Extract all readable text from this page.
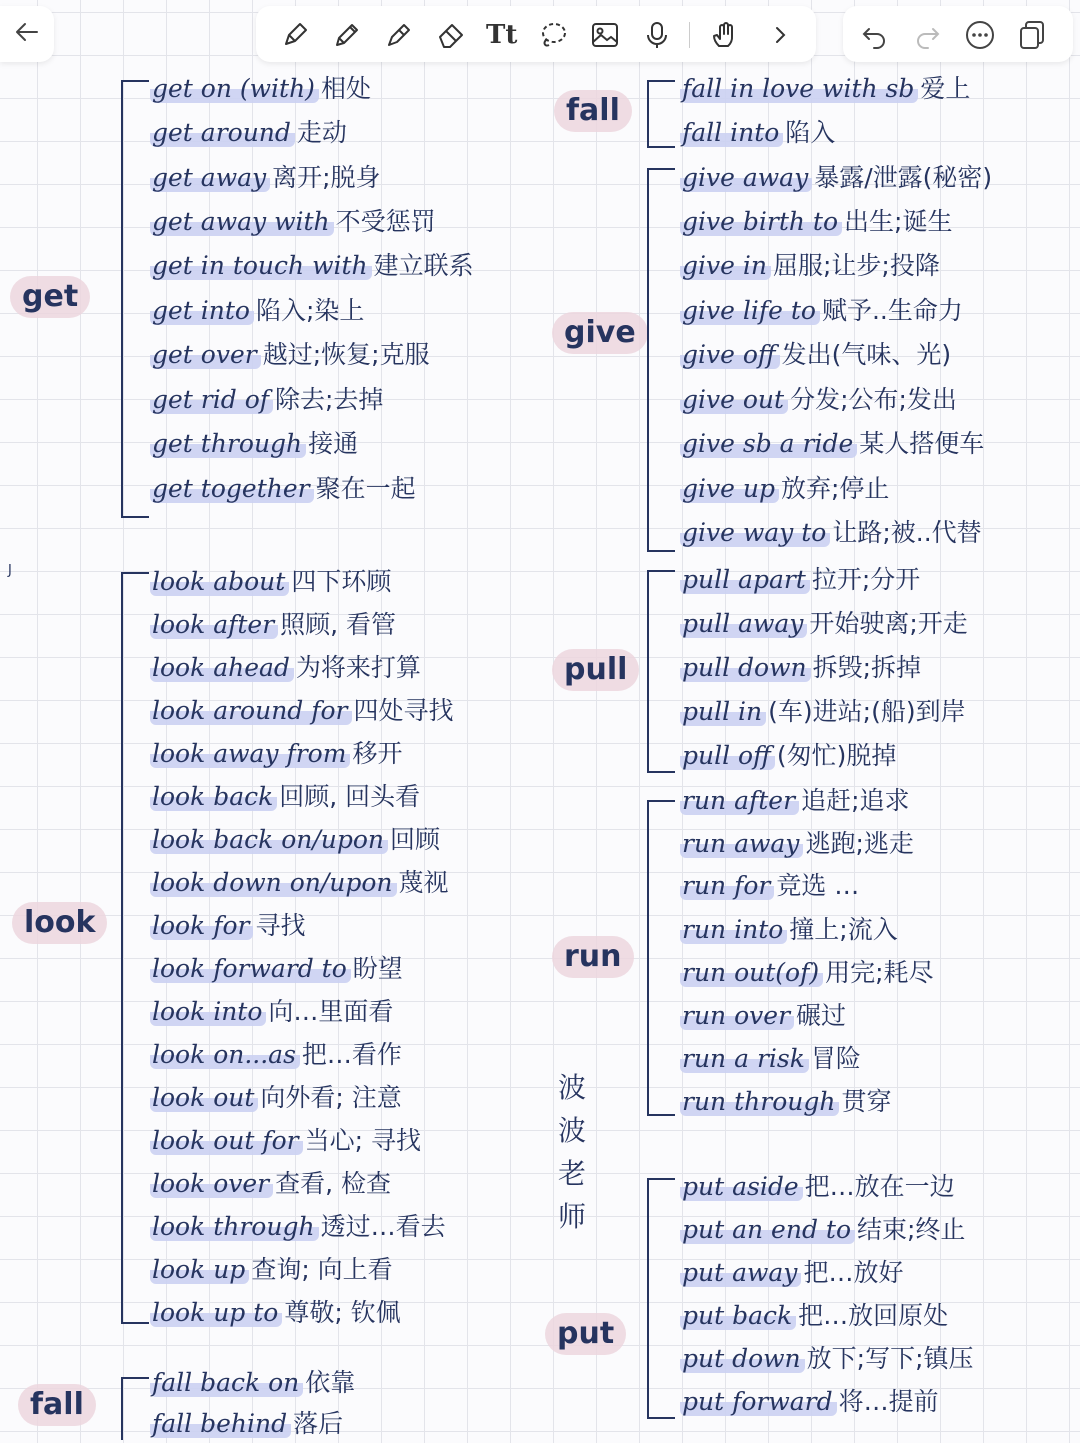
Tt
J
get
get on (with) 相处
get around 走动
get away 离开;脱身
get away with 不受惩罚
get in touch with 建立联系
get into 陷入;染上
get over 越过;恢复;克服
get rid of 除去;去掉
get through 接通
get together 聚在一起
look
look about 四下环顾
look after 照顾, 看管
look ahead 为将来打算
look around for 四处寻找
look away from 移开
look back 回顾, 回头看
look back on/upon 回顾
look down on/upon 蔑视
look for 寻找
look forward to 盼望
look into 向…里面看
look on...as 把…看作
look out 向外看; 注意
look out for 当心; 寻找
look over 查看, 检查
look through 透过…看去
look up 查询; 向上看
look up to 尊敬; 钦佩
fall
fall back on 依靠
fall behind 落后
波
波
老
师
fall
fall in love with sb 爱上
fall into 陷入
give
give away 暴露/泄露(秘密)
give birth to 出生;诞生
give in 屈服;让步;投降
give life to 赋予..生命力
give off 发出(气味、光)
give out 分发;公布;发出
give sb a ride 某人搭便车
give up 放弃;停止
give way to 让路;被..代替
pull
pull apart 拉开;分开
pull away 开始驶离;开走
pull down 拆毁;拆掉
pull in (车)进站;(船)到岸
pull off (匆忙)脱掉
run
run after 追赶;追求
run away 逃跑;逃走
run for 竞选 …
run into 撞上;流入
run out(of) 用完;耗尽
run over 碾过
run a risk 冒险
run through 贯穿
put
put aside 把…放在一边
put an end to 结束;终止
put away 把…放好
put back 把…放回原处
put down 放下;写下;镇压
put forward 将…提前
